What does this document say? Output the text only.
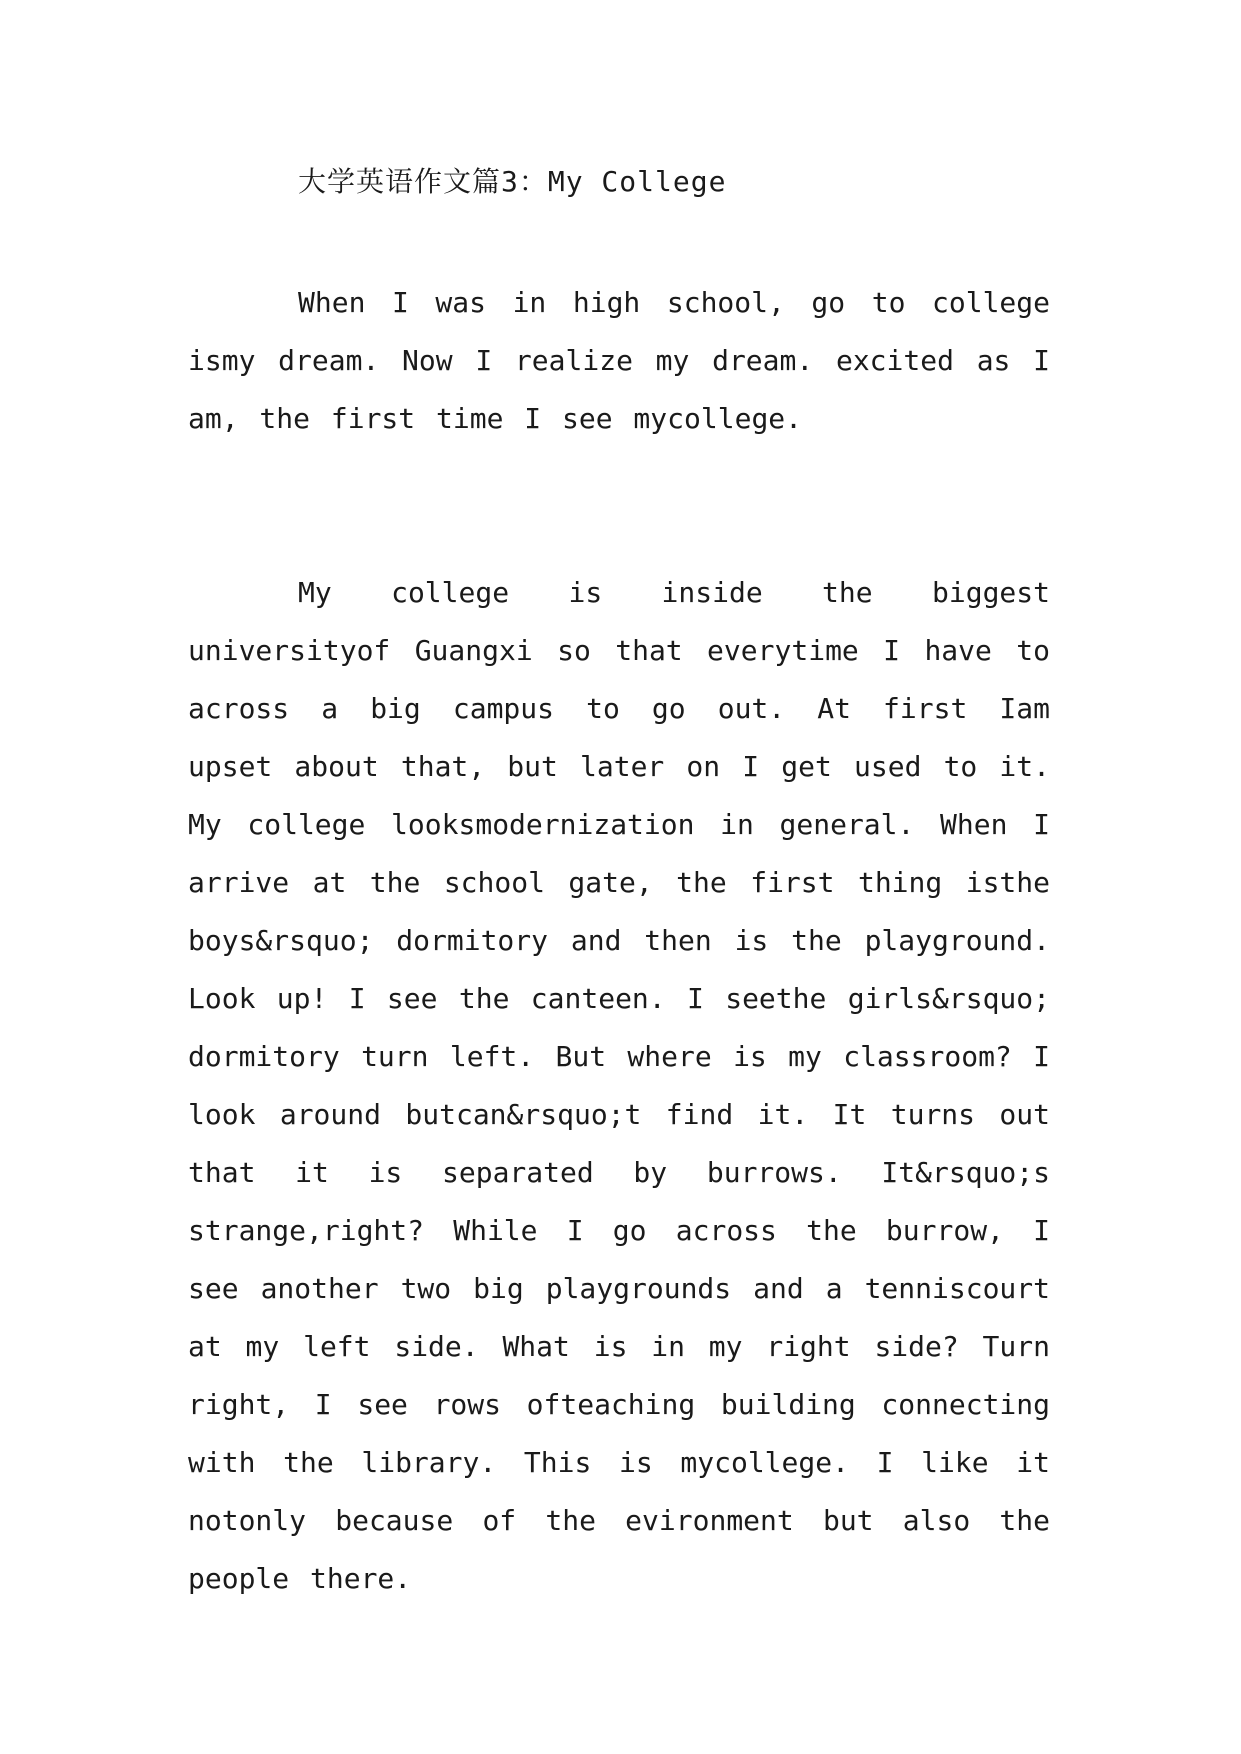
大学英语作文篇3：My College

When I was in high school, go to college ismy dream. Now I realize my dream. excited as I am, the first time I see mycollege.

My college is inside the biggest universityof Guangxi so that everytime I have to across a big campus to go out. At first Iam upset about that, but later on I get used to it. My college looksmodernization in general. When I arrive at the school gate, the first thing isthe boys&rsquo; dormitory and then is the playground. Look up! I see the canteen. I seethe girls&rsquo; dormitory turn left. But where is my classroom? I look around butcan&rsquo;t find it. It turns out that it is separated by burrows. It&rsquo;s strange,right? While I go across the burrow, I see another two big playgrounds and a tenniscourt at my left side. What is in my right side? Turn right, I see rows ofteaching building connecting with the library. This is mycollege. I like it notonly because of the evironment but also the people there.
